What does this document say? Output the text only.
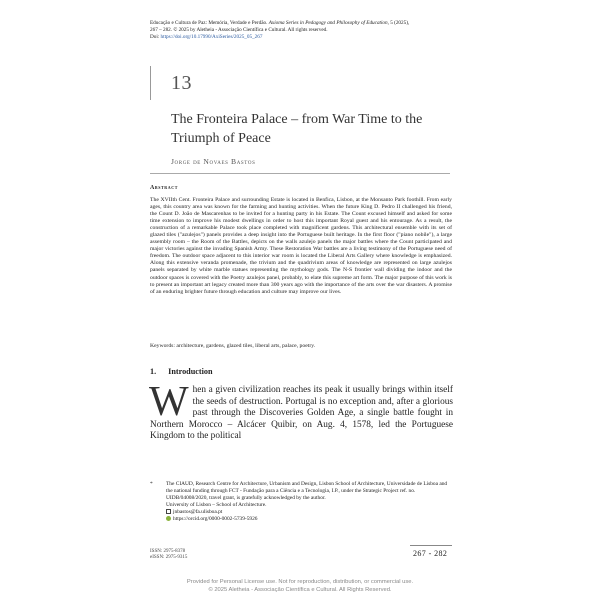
Educação e Cultura de Paz: Memória, Verdade e Perdão. Axioma Series in Pedagogy and Philosophy of Education, 5 (2025),
267 – 282. © 2025 by Aletheia - Associação Científica e Cultural. All rights reserved.
Doi: https://doi.org/10.17990/AxiSeries/2025_05_267
13
The Fronteira Palace – from War Time to the Triumph of Peace
Jorge de Novaes Bastos
Abstract
The XVIIth Cent. Fronteira Palace and surrounding Estate is located in Benfica, Lisbon, at the Monsanto Park foothill. From early ages, this country area was known for the farming and hunting activities. When the future King D. Pedro II challenged his friend, the Count D. João de Mascarenhas to be invited for a hunting party in his Estate. The Count excused himself and asked for some time extension to improve his modest dwellings in order to host this important Royal guest and his entourage. As a result, the construction of a remarkable Palace took place completed with magnificent gardens. This architectural ensemble with its set of glazed tiles ("azulejos") panels provides a deep insight into the Portuguese built heritage. In the first floor ("piano nobile"), a large assembly room – the Room of the Battles, depicts on the walls azulejo panels the major battles where the Count participated and major victories against the invading Spanish Army. These Restoration War battles are a living testimony of the Portuguese need of freedom. The outdoor space adjacent to this interior war room is located the Liberal Arts Gallery where knowledge is emphasized. Along this extensive veranda promenade, the trivium and the quadrivium areas of knowledge are represented on large azulejos panels separated by white marble statues representing the mythology gods. The N-S frontier wall dividing the indoor and the outdoor spaces is covered with the Poetry azulejos panel, probably, to elate this supreme art form. The major purpose of this work is to present an important art legacy created more than 300 years ago with the importance of the arts over the war disasters. A promise of an enduring brighter future through education and culture may improve our lives.
Keywords: architecture, gardens, glazed tiles, liberal arts, palace, poetry.
1. Introduction
When a given civilization reaches its peak it usually brings within itself the seeds of destruction. Portugal is no exception and, after a glorious past through the Discoveries Golden Age, a single battle fought in Northern Morocco – Alcácer Quibir, on Aug. 4, 1578, led the Portuguese Kingdom to the political
* The CIAUD, Research Centre for Architecture, Urbanism and Design, Lisbon School of Architecture, Universidade de Lisboa and the national funding through FCT - Fundação para a Ciência e a Tecnologia, I.P., under the Strategic Project ref. no. UIDB/04008/2020, travel grant, is gratefully acknowledged by the author.
University of Lisbon – School of Architecture.
jnbastos@fa.ulisboa.pt
https://orcid.org/0000-0002-5739-5926
ISSN: 2975-8378
eISSN: 2975-9315	267 - 282
Provided for Personal License use. Not for reproduction, distribution, or commercial use.
© 2025 Aletheia - Associação Científica e Cultural. All Rights Reserved.
